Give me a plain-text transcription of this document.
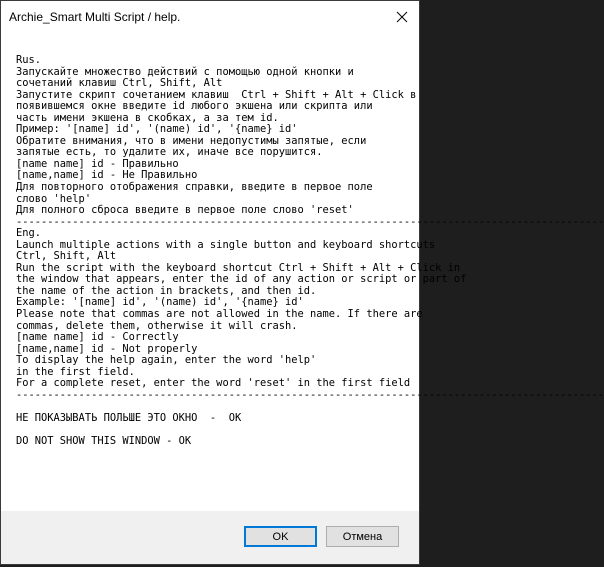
Archie_Smart Multi Script / help.
Rus.
Запускайте множество действий с помощью одной кнопки и
сочетаний клавиш Ctrl, Shift, Alt
Запустите скрипт сочетанием клавиш  Ctrl + Shift + Alt + Click в
появившемся окне введите id любого экшена или скрипта или
часть имени экшена в скобках, а за тем id.
Пример: '[name] id', '(name) id', '{name} id'
Обратите внимания, что в имени недопустимы запятые, если
запятые есть, то удалите их, иначе все порушится.
[name name] id - Правильно
[name,name] id - Не Правильно
Для повторного отображения справки, введите в первое поле
слово 'help'
Для полного сброса введите в первое поле слово 'reset'
----------------------------------------------------------------------------------------------
Eng.
Launch multiple actions with a single button and keyboard shortcuts
Ctrl, Shift, Alt
Run the script with the keyboard shortcut Ctrl + Shift + Alt + Click in
the window that appears, enter the id of any action or script or part of
the name of the action in brackets, and then id.
Example: '[name] id', '(name) id', '{name} id'
Please note that commas are not allowed in the name. If there are
commas, delete them, otherwise it will crash.
[name name] id - Correctly
[name,name] id - Not properly
To display the help again, enter the word 'help'
in the first field.
For a complete reset, enter the word 'reset' in the first field
----------------------------------------------------------------------------------------------

НЕ ПОКАЗЫВАТЬ ПОЛЬШЕ ЭТО ОКНО  -  OK

DO NOT SHOW THIS WINDOW - OK
OK	Отмена
